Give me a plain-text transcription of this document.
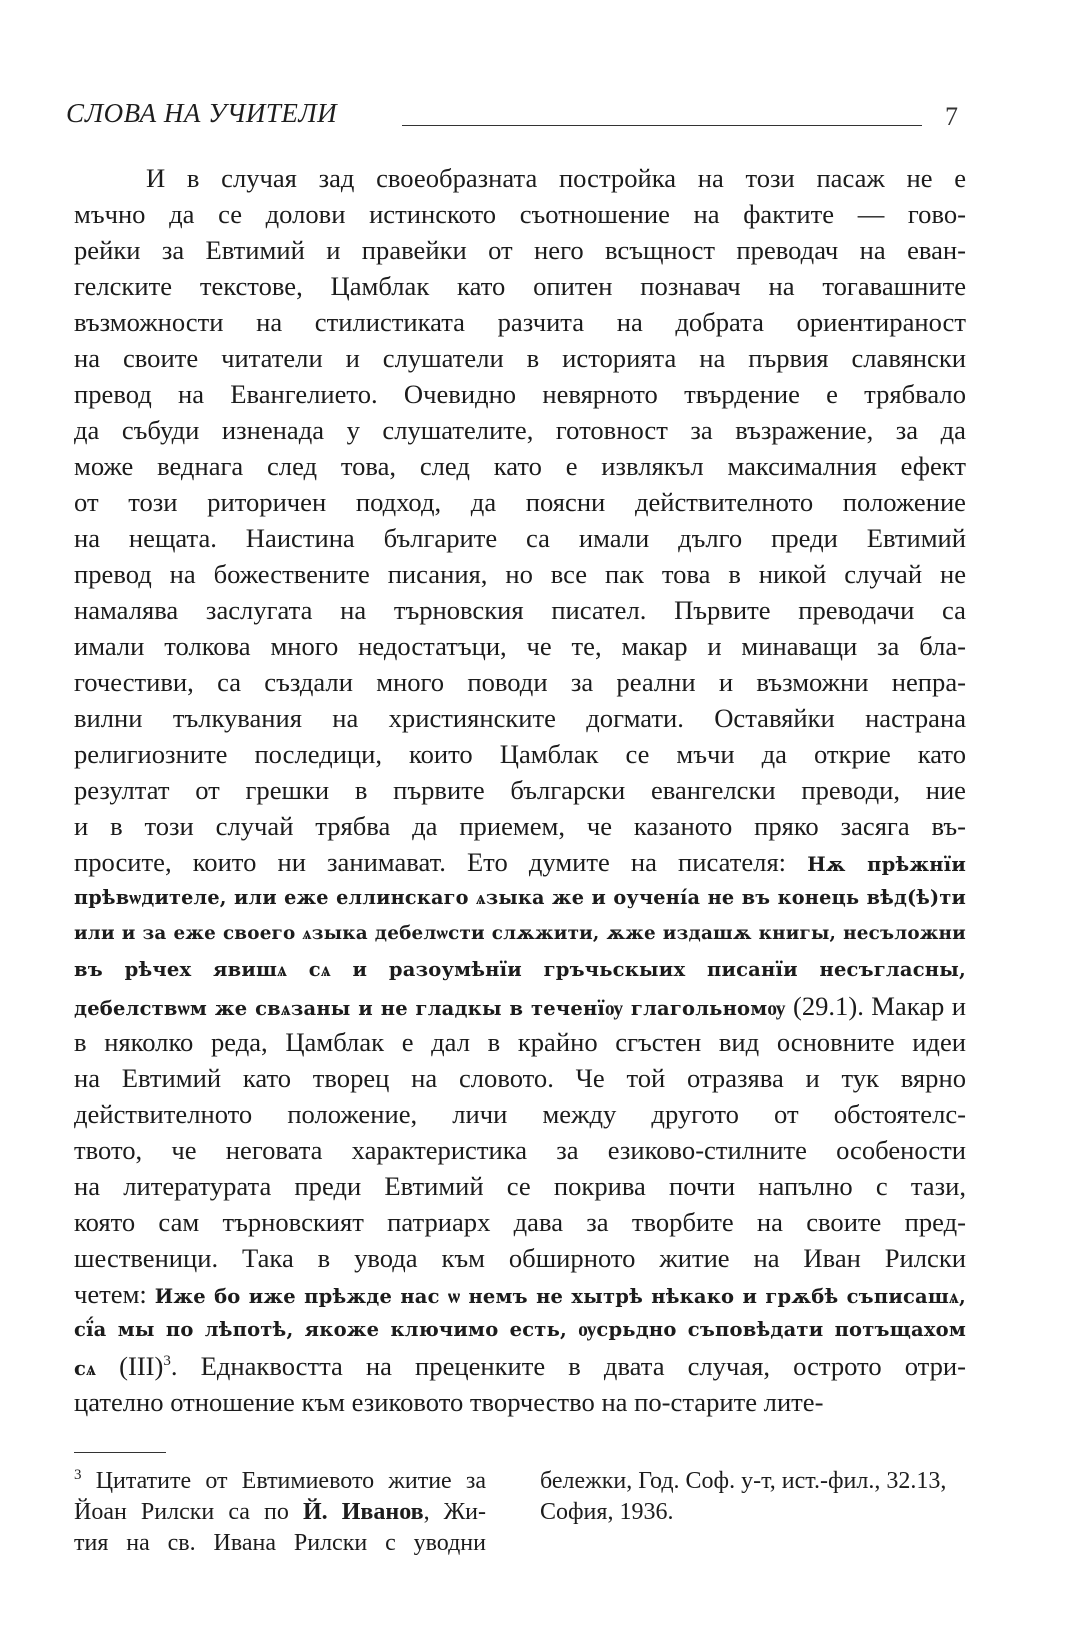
СЛОВА НА УЧИТЕЛИ	7
И в случая зад своеобразната постройка на този пасаж не е
мъчно да се долови истинското съотношение на фактите — гово-
рейки за Евтимий и правейки от него всъщност преводач на еван-
гелските текстове, Цамблак като опитен познавач на тогавашните
възможности на стилистиката разчита на добрата ориентираност
на своите читатели и слушатели в историята на първия славянски
превод на Евангелието. Очевидно невярното твърдение е трябвало
да събуди изненада у слушателите, готовност за възражение, за да
може веднага след това, след като е извлякъл максималния ефект
от този риторичен подход, да поясни действителното положение
на нещата. Наистина българите са имали дълго преди Евтимий
превод на божествените писания, но все пак това в никой случай не
намалява заслугата на търновския писател. Първите преводачи са
имали толкова много недостатъци, че те, макар и минаващи за бла-
гочестиви, са създали много поводи за реални и възможни непра-
вилни тълкувания на християнските догмати. Оставяйки настрана
религиозните последици, които Цамблак се мъчи да открие като
резултат от грешки в първите български евангелски преводи, ние
и в този случай трябва да приемем, че казаното пряко засяга въ-
просите, които ни занимават. Ето думите на писателя: Нѫ прѣжнїи
прѣвѡдителе, или еже еллинскаго ѧзыка же и оучені́а не въ конець вѣд(ѣ)ти
или и за еже своего ѧзыка дебелѡсти слѫжити, ѫже издашѫ книгы, несъложни
въ рѣчех явишѧ сѧ и разоумѣнїи гръчьскыих писанїи несъгласны,
дебелствѡм же свѧзаны и не гладкы в теченїѹ глагольномѹ (29.1). Макар и
в няколко реда, Цамблак е дал в крайно сгъстен вид основните идеи
на Евтимий като творец на словото. Че той отразява и тук вярно
действителното положение, личи между другото от обстоятелс-
твото, че неговата характеристика за езиково-стилните особености
на литературата преди Евтимий се покрива почти напълно с тази,
която сам търновският патриарх дава за творбите на своите пред-
шественици. Така в увода към обширното житие на Иван Рилски
четем: Иже бо иже прѣжде нас ѡ немъ не хытрѣ нѣкако и грѫбѣ съписашѧ,
сї́а мы по лѣпотѣ, якоже ключимо есть, ѹсрьдно съповѣдати потъщахом
сѧ (III)$^3$. Еднаквостта на преценките в двата случая, острото отри-
цателно отношение към езиковото творчество на по-старите лите-
$^3$ Цитатите от Евтимиевото житие за
Йоан Рилски са по Й. Иванов, Жи-
тия на св. Ивана Рилски с уводни
бележки, Год. Соф. у-т, ист.-фил., 32.13,
София, 1936.
